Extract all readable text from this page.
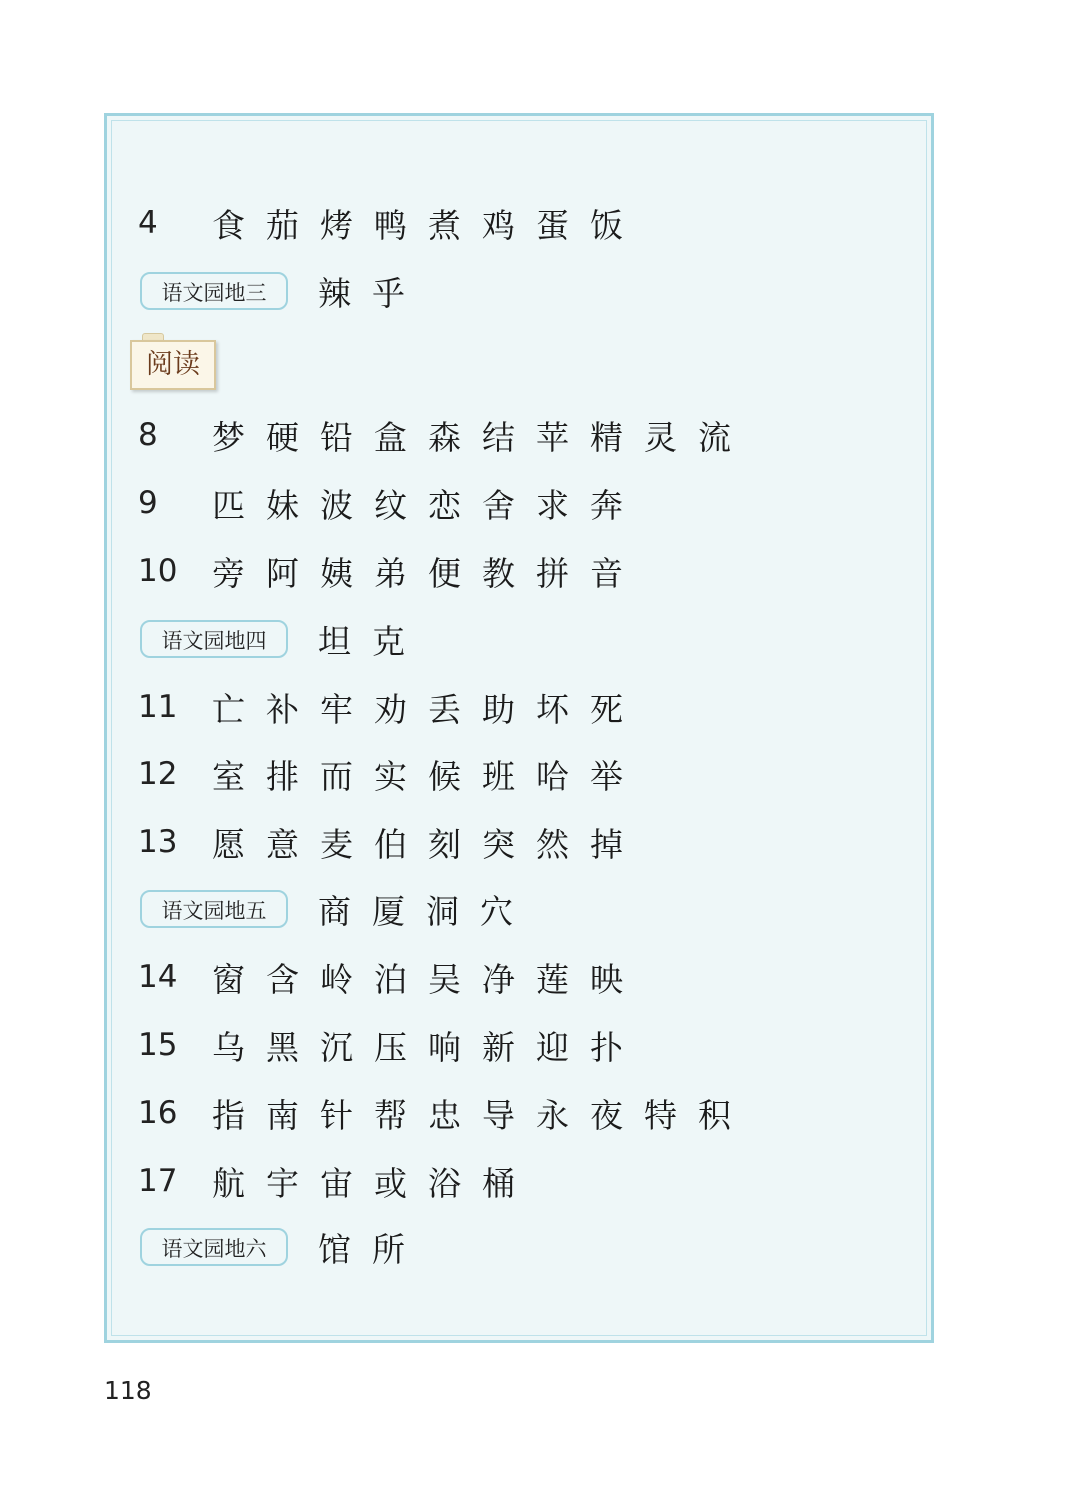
阅读
4	食 茄 烤 鸭 煮 鸡 蛋 饭
语文园地三	辣 乎
8	梦 硬 铅 盒 森 结 苹 精 灵 流
9	匹 妹 波 纹 恋 舍 求 奔
10	旁 阿 姨 弟 便 教 拼 音
语文园地四	坦 克
11	亡 补 牢 劝 丢 助 坏 死
12	室 排 而 实 候 班 哈 举
13	愿 意 麦 伯 刻 突 然 掉
语文园地五	商 厦 洞 穴
14	窗 含 岭 泊 吴 净 莲 映
15	乌 黑 沉 压 响 新 迎 扑
16	指 南 针 帮 忠 导 永 夜 特 积
17	航 宇 宙 或 浴 桶
语文园地六	馆 所
118
